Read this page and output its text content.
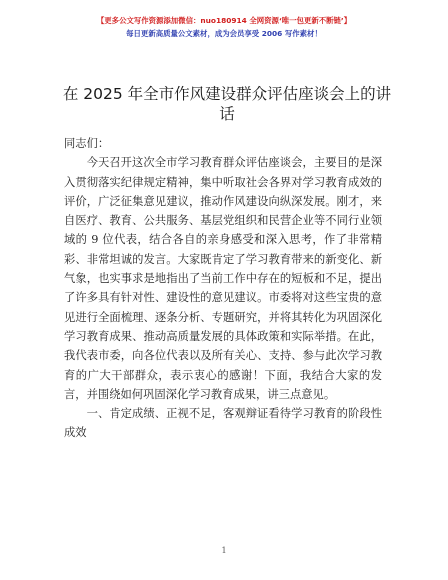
【更多公文写作资源添加微信：nuo180914 全网资源‘唯一包更新不断链’】
每日更新高质量公文素材，成为会员享受 2006 写作素材！
在 2025 年全市作风建设群众评估座谈会上的讲话

同志们：

今天召开这次全市学习教育群众评估座谈会，主要目的是深入贯彻落实纪律规定精神，集中听取社会各界对学习教育成效的评价，广泛征集意见建议，推动作风建设向纵深发展。刚才，来自医疗、教育、公共服务、基层党组织和民营企业等不同行业领域的 9 位代表，结合各自的亲身感受和深入思考，作了非常精彩、非常坦诚的发言。大家既肯定了学习教育带来的新变化、新气象，也实事求是地指出了当前工作中存在的短板和不足，提出了许多具有针对性、建设性的意见建议。市委将对这些宝贵的意见进行全面梳理、逐条分析、专题研究，并将其转化为巩固深化学习教育成果、推动高质量发展的具体政策和实际举措。在此，我代表市委，向各位代表以及所有关心、支持、参与此次学习教育的广大干部群众，表示衷心的感谢！下面，我结合大家的发言，并围绕如何巩固深化学习教育成果，讲三点意见。

一、肯定成绩、正视不足，客观辩证看待学习教育的阶段性成效

1
